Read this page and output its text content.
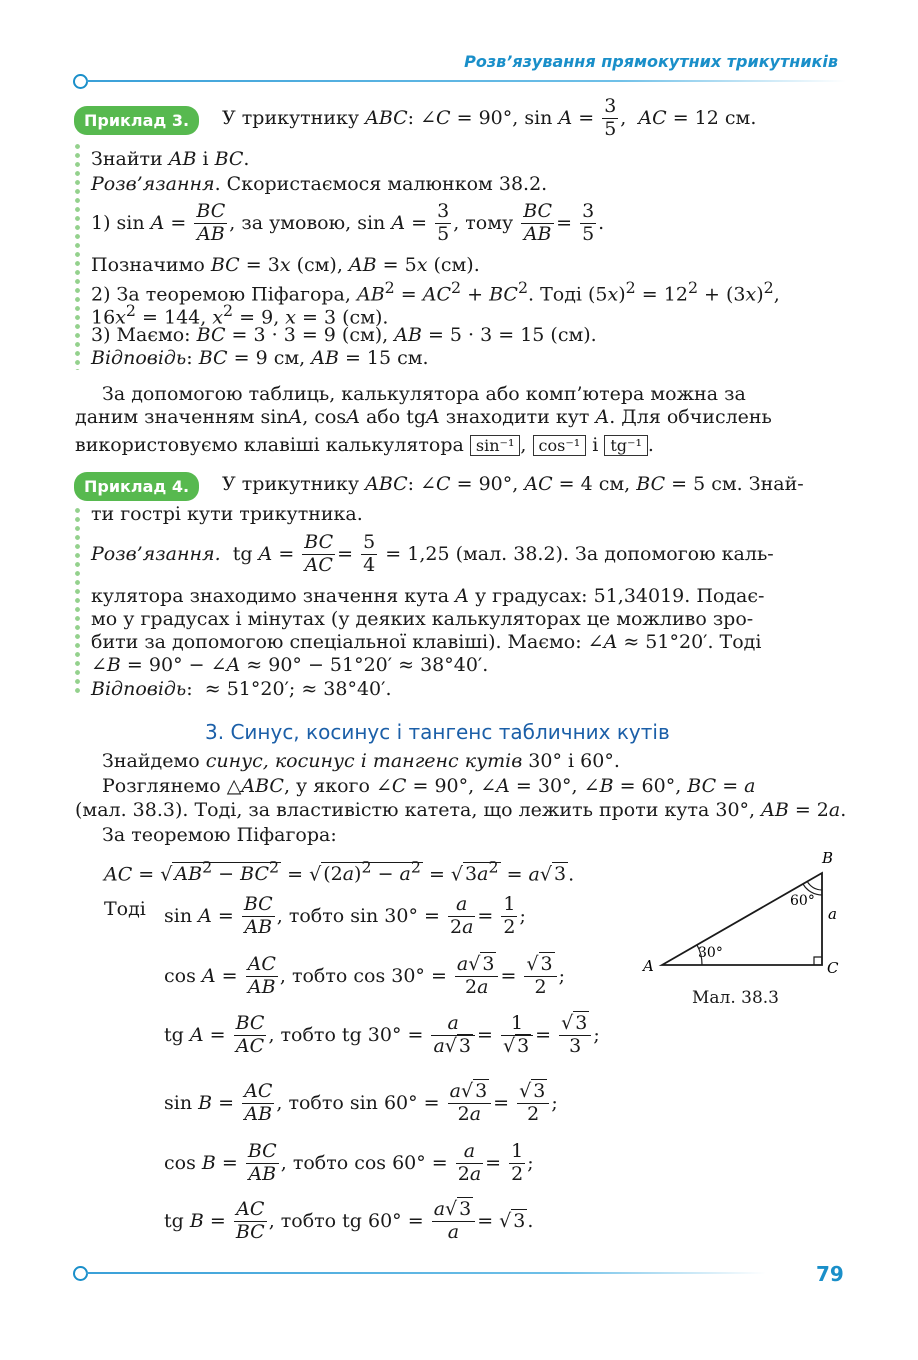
Розв’язування прямокутних трикутників
Приклад 3.	У трикутнику ABC: ∠C = 90°, $\sin A = \frac{3}{5}$ ,  AC = 12 см.
Знайти AB і BC.
Розв’язання. Скористаємося малюнком 38.2.
1) $\sin A = \frac{BC}{AB}$ , за умовою, $\sin A = \frac{3}{5}$ , тому $\frac{BC}{AB} = \frac{3}{5}$ .
Позначимо BC = 3x (см), AB = 5x (см).
2) За теоремою Піфагора, $AB^2 = AC^2 + BC^2$. Тоді $(5x)^2 = 12^2 + (3x)^2$,
$16x^2 = 144$, $x^2 = 9$, x = 3 (см).
3) Маємо: BC = 3 · 3 = 9 (см), AB = 5 · 3 = 15 (см).
Відповідь: BC = 9 см, AB = 15 см.
За допомогою таблиць, калькулятора або комп’ютера можна за
даним значенням sinA, cosA або tgA знаходити кут A. Для обчислень
використовуємо клавіші калькулятора sin⁻¹ , cos⁻¹ і tg⁻¹ .
Приклад 4.	У трикутнику ABC: ∠C = 90°, AC = 4 см, BC = 5 см. Знай-
ти гострі кути трикутника.
Розв’язання.  tg $A = \frac{BC}{AC} = \frac{5}{4} = 1,25$ (мал. 38.2). За допомогою каль-
кулятора знаходимо значення кута A у градусах: 51,34019. Подає-
мо у градусах і мінутах (у деяких калькуляторах це можливо зро-
бити за допомогою спеціальної клавіші). Маємо: ∠A ≈ 51°20′. Тоді
∠B = 90° − ∠A ≈ 90° − 51°20′ ≈ 38°40′.
Відповідь:  ≈ 51°20′; ≈ 38°40′.
3. Синус, косинус і тангенс табличних кутів
Знайдемо синус, косинус і тангенс кутів 30° і 60°.
Розглянемо △ABC, у якого ∠C = 90°, ∠A = 30°, ∠B = 60°, BC = a
(мал. 38.3). Тоді, за властивістю катета, що лежить проти кута 30°, AB = 2a.
За теоремою Піфагора:
AC = √ $AB^2 - BC^2$ = √ $(2a)^2 - a^2$ = √ $3a^2 = a√$ 3 .
Тоді $\sin A = \frac{BC}{AB}$ , тобто $\sin 30^\circ = \frac{a}{2a} = \frac{1}{2}$ ;
$\cos A = \frac{AC}{AB}$ , тобто $\cos 30^\circ = \frac{a√ 3}{2a} = \frac{√ 3}{2}$ ;
tg $A = \frac{BC}{AC}$ , тобто tg $30^\circ = \frac{a}{a√ 3} = \frac{1}{√ 3} = \frac{√ 3}{3}$ ;
$\sin B = \frac{AC}{AB}$ , тобто $\sin 60^\circ = \frac{a√ 3}{2a} = \frac{√ 3}{2}$ ;
$\cos B = \frac{BC}{AB}$ , тобто $\cos 60^\circ = \frac{a}{2a} = \frac{1}{2}$ ;
tg $B = \frac{AC}{BC}$ , тобто tg $60^\circ = \frac{a√ 3}{a}$ = √ 3 .
A
B
C
a
30°
60°
Мал. 38.3
79
